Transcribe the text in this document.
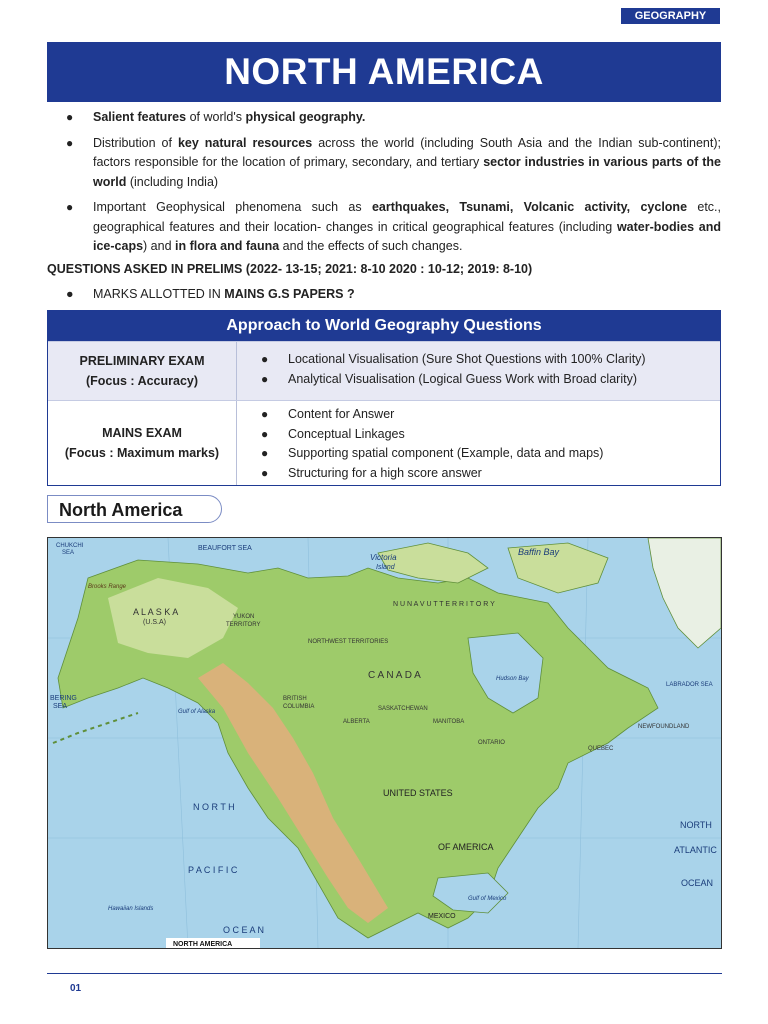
GEOGRAPHY
NORTH AMERICA
● Salient features of world's physical geography.
● Distribution of key natural resources across the world (including South Asia and the Indian sub-continent); factors responsible for the location of primary, secondary, and tertiary sector industries in various parts of the world (including India)
● Important Geophysical phenomena such as earthquakes, Tsunami, Volcanic activity, cyclone etc., geographical features and their location- changes in critical geographical features (including water-bodies and ice-caps) and in flora and fauna and the effects of such changes.
QUESTIONS ASKED IN PRELIMS (2022- 13-15; 2021: 8-10 2020 : 10-12; 2019: 8-10)
● MARKS ALLOTTED IN MAINS G.S PAPERS ?
Approach to World Geography Questions
PRELIMINARY EXAM
(Focus : Accuracy)
● Locational Visualisation (Sure Shot Questions with 100% Clarity)
● Analytical Visualisation (Logical Guess Work with Broad clarity)
MAINS EXAM
(Focus : Maximum marks)
● Content for Answer
● Conceptual Linkages
● Supporting spatial component (Example, data and maps)
● Structuring for a high score answer
North America
CHUKCHI
SEA
BEAUFORT SEA
Victoria
Island
Baffin Bay
A L A S K A
(U.S.A)
Brooks Range
YUKON
TERRITORY
NORTHWEST TERRITORIES
N U N A V U T T E R R I T O R Y
C A N A D A
BERING
SEA
Gulf of Alaska
Hudson Bay
LABRADOR SEA
BRITISH
COLUMBIA
ALBERTA
SASKATCHEWAN
MANITOBA
ONTARIO
QUEBEC
NEWFOUNDLAND
UNITED STATES
OF AMERICA
N O R T H
P A C I F I C
O C E A N
Hawaiian Islands
MEXICO
Gulf of Mexico
NORTH
ATLANTIC
OCEAN
NORTH AMERICA
01
